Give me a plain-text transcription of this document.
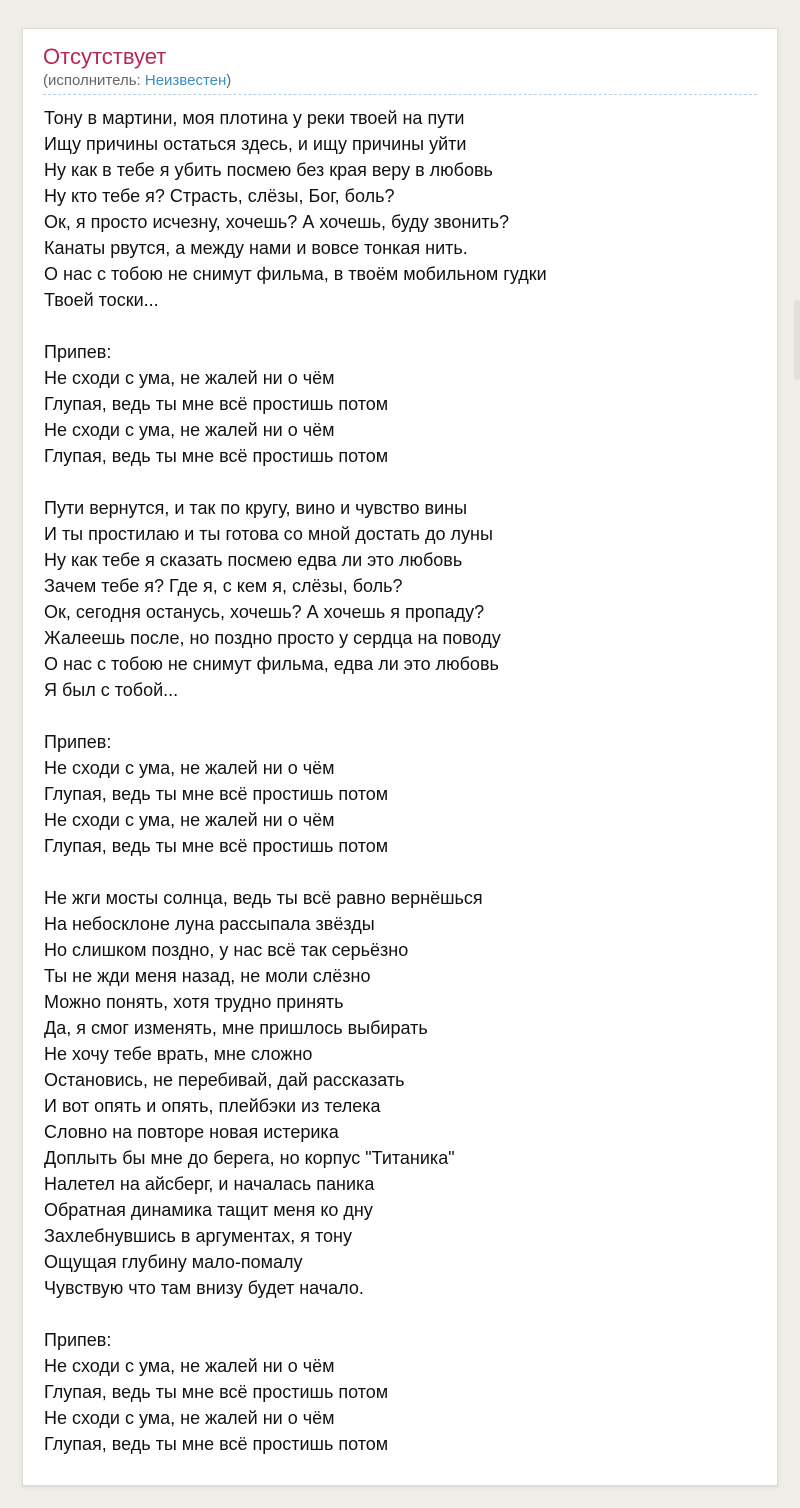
Отсутствует
(исполнитель: Неизвестен)
Тону в мартини, моя плотина у реки твоей на пути
Ищу причины остаться здесь, и ищу причины уйти
Ну как в тебе я убить посмею без края веру в любовь
Ну кто тебе я? Страсть, слёзы, Бог, боль?
Ок, я просто исчезну, хочешь? А хочешь, буду звонить?
Канаты рвутся, а между нами и вовсе тонкая нить.
О нас с тобою не снимут фильма, в твоём мобильном гудки
Твоей тоски...
Припев:
Не сходи с ума, не жалей ни о чём
Глупая, ведь ты мне всё простишь потом
Не сходи с ума, не жалей ни о чём
Глупая, ведь ты мне всё простишь потом
Пути вернутся, и так по кругу, вино и чувство вины
И ты простилаю и ты готова со мной достать до луны
Ну как тебе я сказать посмею едва ли это любовь
Зачем тебе я? Где я, с кем я, слёзы, боль?
Ок, сегодня останусь, хочешь? А хочешь я пропаду?
Жалеешь после, но поздно просто у сердца на поводу
О нас с тобою не снимут фильма, едва ли это любовь
Я был с тобой...
Припев:
Не сходи с ума, не жалей ни о чём
Глупая, ведь ты мне всё простишь потом
Не сходи с ума, не жалей ни о чём
Глупая, ведь ты мне всё простишь потом
Не жги мосты солнца, ведь ты всё равно вернёшься
На небосклоне луна рассыпала звёзды
Но слишком поздно, у нас всё так серьёзно
Ты не жди меня назад, не моли слёзно
Можно понять, хотя трудно принять
Да, я смог изменять, мне пришлось выбирать
Не хочу тебе врать, мне сложно
Остановись, не перебивай, дай рассказать
И вот опять и опять, плейбэки из телека
Словно на повторе новая истерика
Доплыть бы мне до берега, но корпус "Титаника"
Налетел на айсберг, и началась паника
Обратная динамика тащит меня ко дну
Захлебнувшись в аргументах, я тону
Ощущая глубину мало-помалу
Чувствую что там внизу будет начало.
Припев:
Не сходи с ума, не жалей ни о чём
Глупая, ведь ты мне всё простишь потом
Не сходи с ума, не жалей ни о чём
Глупая, ведь ты мне всё простишь потом
